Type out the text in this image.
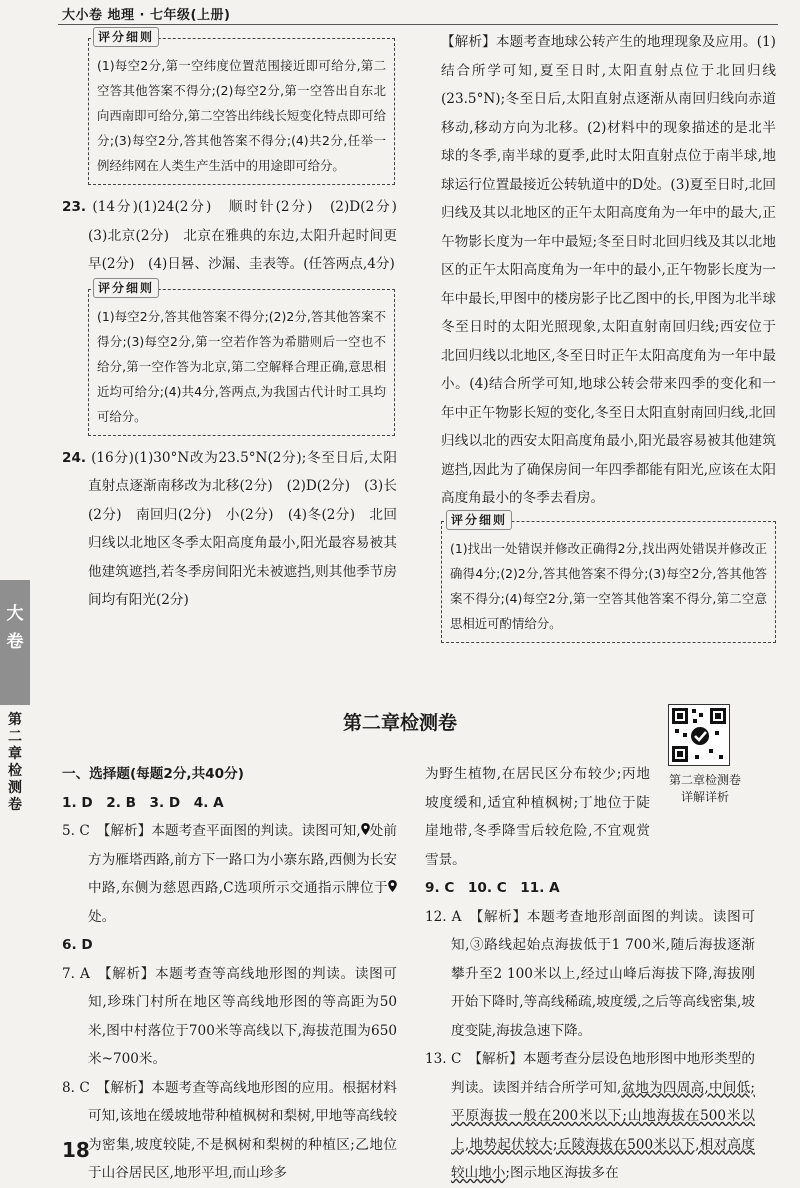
大小卷 地理 · 七年级(上册)
评分细则

(1)每空2分,第一空纬度位置范围接近即可给分,第二空答其他答案不得分;(2)每空2分,第一空答出自东北向西南即可给分,第二空答出纬线长短变化特点即可给分;(3)每空2分,答其他答案不得分;(4)共2分,任举一例经纬网在人类生产生活中的用途即可给分。

23. (14分)(1)24(2分)　顺时针(2分)　(2)D(2分)　(3)北京(2分)　北京在雅典的东边,太阳升起时间更早(2分)　(4)日晷、沙漏、圭表等。(任答两点,4分)

评分细则

(1)每空2分,答其他答案不得分;(2)2分,答其他答案不得分;(3)每空2分,第一空若作答为希腊则后一空也不给分,第一空作答为北京,第二空解释合理正确,意思相近均可给分;(4)共4分,答两点,为我国古代计时工具均可给分。

24. (16分)(1)30°N改为23.5°N(2分);冬至日后,太阳直射点逐渐南移改为北移(2分)　(2)D(2分)　(3)长(2分)　南回归(2分)　小(2分)　(4)冬(2分)　北回归线以北地区冬季太阳高度角最小,阳光最容易被其他建筑遮挡,若冬季房间阳光未被遮挡,则其他季节房间均有阳光(2分)

【解析】本题考查地球公转产生的地理现象及应用。(1)结合所学可知,夏至日时,太阳直射点位于北回归线(23.5°N);冬至日后,太阳直射点逐渐从南回归线向赤道移动,移动方向为北移。(2)材料中的现象描述的是北半球的冬季,南半球的夏季,此时太阳直射点位于南半球,地球运行位置最接近公转轨道中的D处。(3)夏至日时,北回归线及其以北地区的正午太阳高度角为一年中的最大,正午物影长度为一年中最短;冬至日时北回归线及其以北地区的正午太阳高度角为一年中的最小,正午物影长度为一年中最长,甲图中的楼房影子比乙图中的长,甲图为北半球冬至日时的太阳光照现象,太阳直射南回归线;西安位于北回归线以北地区,冬至日时正午太阳高度角为一年中最小。(4)结合所学可知,地球公转会带来四季的变化和一年中正午物影长短的变化,冬至日太阳直射南回归线,北回归线以北的西安太阳高度角最小,阳光最容易被其他建筑遮挡,因此为了确保房间一年四季都能有阳光,应该在太阳高度角最小的冬季去看房。

评分细则

(1)找出一处错误并修改正确得2分,找出两处错误并修改正确得4分;(2)2分,答其他答案不得分;(3)每空2分,答其他答案不得分;(4)每空2分,第一空答其他答案不得分,第二空意思相近可酌情给分。

大
卷
第二章检测卷
第二章检测卷
第二章检测卷
详解详析

一、选择题(每题2分,共40分)

1. D　2. B　3. D　4. A

5. C　【解析】本题考查平面图的判读。读图可知, 处前方为雁塔西路,前方下一路口为小寨东路,西侧为长安中路,东侧为慈恩西路,C选项所示交通指示牌位于处。

6. D

7. A　【解析】本题考查等高线地形图的判读。读图可知,珍珠门村所在地区等高线地形图的等高距为50米,图中村落位于700米等高线以下,海拔范围为650米~700米。

8. C　【解析】本题考查等高线地形图的应用。根据材料可知,该地在缓坡地带种植枫树和梨树,甲地等高线较为密集,坡度较陡,不是枫树和梨树的种植区;乙地位于山谷居民区,地形平坦,而山珍多

为野生植物,在居民区分布较少;丙地坡度缓和,适宜种植枫树;丁地位于陡崖地带,冬季降雪后较危险,不宜观赏雪景。

9. C　10. C　11. A

12. A　【解析】本题考查地形剖面图的判读。读图可知,③路线起始点海拔低于1 700米,随后海拔逐渐攀升至2 100米以上,经过山峰后海拔下降,海拔刚开始下降时,等高线稀疏,坡度缓,之后等高线密集,坡度变陡,海拔急速下降。

13. C　【解析】本题考查分层设色地形图中地形类型的判读。读图并结合所学可知,盆地为四周高,中间低;平原海拔一般在200米以下;山地海拔在500米以上,地势起伏较大;丘陵海拔在500米以下,相对高度较山地小;图示地区海拔多在

18
